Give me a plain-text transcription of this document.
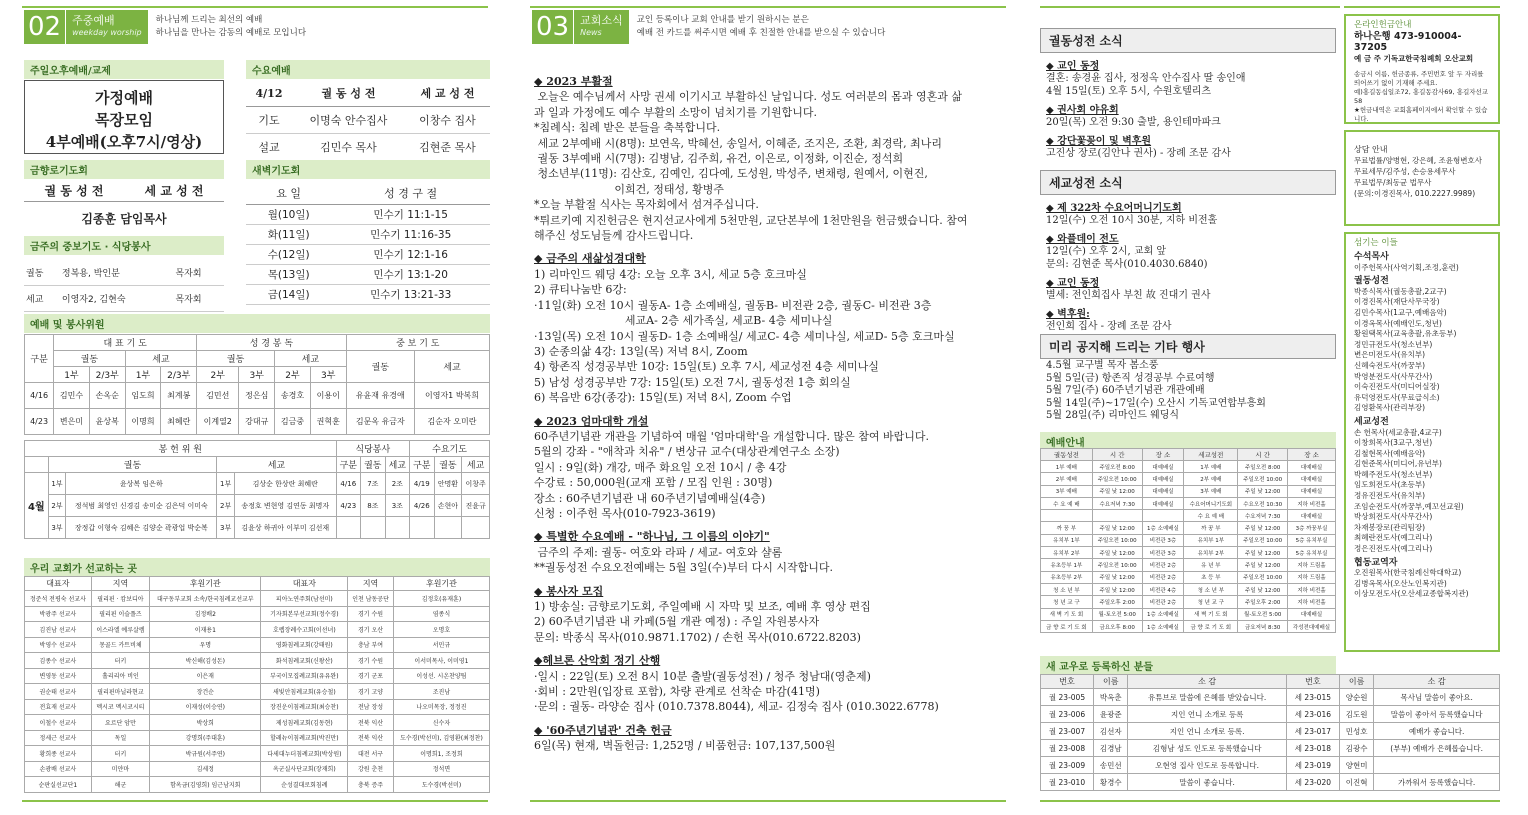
02	주중예배
weekday worship
하나님께 드리는 최선의 예배
하나님을 만나는 감동의 예배로 모입니다
주일오후예배/교제
가정예배
목장모임
4부예배(오후7시/영상)
수요예배
4/12	궐 동 성 전	세 교 성 전
기도	이명숙 안수집사	이창수 집사
설교	김민수 목사	김현준 목사
금향로기도회
궐 동 성 전	세 교 성 전
김종훈 담임목사
새벽기도회
요 일	성 경 구 절
월(10일)	민수기 11:1-15
화(11일)	민수기 11:16-35
수(12일)	민수기 12:1-16
목(13일)	민수기 13:1-20
금(14일)	민수기 13:21-33
금주의 중보기도 · 식당봉사
궐동	정복용, 박인분	목자회
세교	이영자2, 김현숙	목자회
예배 및 봉사위원
구분	대 표 기 도				성 경 봉 독				중 보 기 도	
	궐동		세교		궐동		세교		궐동	세교
	1부	2/3부	1부	2/3부	2부	3부	2부	3부		
4/16	김민수	손옥순	임도희	최계봉	김민선	정은심	송경호	이용이	유윤재 유경애	이영자1 박복희
4/23	변은미	윤상복	이명희	최혜란	이계열2	강대규	김금중	권혁훈	김문옥 유금자	김순자 오미란
봉 헌 위 원					식당봉사			수요기도		
	궐동		세교		구분	궐동	세교	구분	궐동	세교
4월	1부	윤상복 임은하	1부	김상순 한상란 최혜란	4/16	7조	2조	4/19	안명환	이창주
	2부	정석범 최영인 신경김 송미순 김은덕 이미숙	2부	송정호 변현영 김연동 최명자	4/23	8조	3조	4/26	손현아	진윤규
	3부	장정갑 이형숙 김혜은 김양순 곽광업 박순복	3부	김윤상 하귀아 이부미 김선재						
우리 교회가 선교하는 곳
대표자	지역	후원기관	대표자	지역	후원기관
정준석 전평숙 선교사	필리핀 · 캄보디아	대구동부교회 소속/한국침례교선교부	피아노연주회(남선미)	인천 남동공단	김정호(유재훈)
박광주 선교사	필리핀 이슬플즈	김정배2	기자회본부선교회(정수경)	경기 수원	염종식
김진남 선교사	이스라엘 예루살렘	이재용1	호렙장례수고회(이선녀)	경기 오산	오명호
박영수 선교사	몽골드 카트비체	우명	영화침례교회(강태원)	충남 부여	서민규
김종수 선교사	터키	박신해(김성돈)	화석침례교회(신왕산)	경기 수원	이서미목사, 이미영1
변영동 선교사	홀리리아 비인	이은재	부국이모집례교회(유유완)	경기 군포	이성선. 시온찬양팀
권순태 선교사	필리핀마닐라현교	장건순	새빛안침례교회(유승철)	경기 고양	조진남
전효재 선교사	멕시코 멕시코시티	이재성(이승연)	장진운이침례교회(최승찬)	전남 장성	나오미목장, 정정진
이철수 선교사	요르단 암만	박상희	제성침례교회(김동현)	전북 익산	신수자
정세근 선교사	독일	강명희(주대훈)	할레뉴이침례교회(박진만)	전북 익산	도수경(박선미), 김영환(최정찬)
황희종 선교사	터키	박규원(서주연)	다세대누더침례교회(박상원)	대전 서구	이명희1, 조정희
손광배 선교사	미얀마	김세정	옥군실사단교회(장재희)	강원 춘천	정석면
순판실선교단1	해군	함옥금(김영희) 임근남지회	순성결대로회침례	충북 증주	도수경(박선미)
03	교회소식
News
교인 등록이나 교회 안내를 받기 원하시는 분은
예배 전 카드를 써주시면 예배 후 친절한 안내를 받으실 수 있습니다
◆ 2023 부활절
오늘은 예수님께서 사망 권세 이기시고 부활하신 날입니다. 성도 여러분의 몸과 영혼과 삶
과 일과 가정에도 예수 부활의 소망이 넘치기를 기원합니다.
*침례식: 침례 받은 분들을 축복합니다.
세교 2부예배 시(8명): 보연옥, 박혜선, 송일서, 이혜준, 조지은, 조환, 최경락, 최나리
궐동 3부예배 시(7명): 김병남, 김주희, 유건, 이은로, 이정화, 이진순, 정석희
청소년부(11명): 김산호, 김예인, 김다예, 도성원, 박성주, 변채령, 원예서, 이현진,
이희건, 정태성, 황병주
*오늘 부활절 식사는 목자회에서 섬겨주십니다.
*튀르키예 지진헌금은 현지선교사에게 5천만원, 교단본부에 1천만원을 헌금했습니다. 참여
해주신 성도님들께 감사드립니다.
◆ 금주의 새삶성경대학
1) 리마인드 웨딩 4강: 오늘 오후 3시, 세교 5층 호크마실
2) 큐티나눔반 6강:
·11일(화) 오전 10시 궐동A- 1층 소예배실, 궐동B- 비전관 2층, 궐동C- 비전관 3층
세교A- 2층 세가족실, 세교B- 4층 세미나실
·13일(목) 오전 10시 궐동D- 1층 소예배실/ 세교C- 4층 세미나실, 세교D- 5층 호크마실
3) 순종의삶 4강: 13일(목) 저녁 8시, Zoom
4) 항존직 성경공부반 10강: 15일(토) 오후 7시, 세교성전 4층 세미나실
5) 남성 성경공부반 7강: 15일(토) 오전 7시, 궐동성전 1층 회의실
6) 복음반 6강(종강): 15일(토) 저녁 8시, Zoom 수업
◆ 2023 엄마대학 개설
60주년기념관 개관을 기념하여 매월 '엄마대학'을 개설합니다. 많은 참여 바랍니다.
5월의 강좌 - "애착과 치유" / 변상규 교수(대상관계연구소 소장)
일시 : 9일(화) 개강, 매주 화요일 오전 10시 / 총 4강
수강료 : 50,000원(교재 포함 / 모집 인원 : 30명)
장소 : 60주년기념관 내 60주년기념예배실(4층)
신청 : 이주헌 목사(010-7923-3619)
◆ 특별한 수요예배 - "하나님, 그 이름의 이야기"
금주의 주제: 궐동- 여호와 라파 / 세교- 여호와 샬롬
**궐동성전 수요오전예배는 5월 3일(수)부터 다시 시작합니다.
◆ 봉사자 모집
1) 방송실: 금향로기도회, 주일예배 시 자막 및 보조, 예배 후 영상 편집
2) 60주년기념관 내 카페(5월 개관 예정) : 주일 자원봉사자
문의: 박종식 목사(010.9871.1702) / 손헌 목사(010.6722.8203)
◆헤브론 산악회 정기 산행
·일시 : 22일(토) 오전 8시 10분 출발(궐동성전) / 청주 청남대(영춘제)
·회비 : 2만원(입장료 포함), 차량 관계로 선착순 마감(41명)
·문의 : 궐동- 라양순 집사 (010.7378.8044), 세교- 김정숙 집사 (010.3022.6778)
◆ '60주년기념관' 건축 헌금
6일(목) 현재, 벽돌헌금: 1,252명 / 비품헌금: 107,137,500원
궐동성전 소식
◆ 교인 동정
결혼: 송경윤 집사, 정정옥 안수집사 딸 송인애
4월 15일(토) 오후 5시, 수원호텔리츠
◆ 권사회 야유회
20일(목) 오전 9:30 출발, 용인테마파크
◆ 강단꽃꽂이 및 벽후원
고진상 장로(김안나 권사) - 장례 조문 감사
세교성전 소식
◆ 제 322차 수요어머니기도회
12일(수) 오전 10시 30분, 지하 비전홀
◆ 와플데이 전도
12일(수) 오후 2시, 교회 앞
문의: 김현준 목사(010.4030.6840)
◆ 교인 동정
별세: 전인희집사 부친 故 진대기 권사
◆ 벽후원:
전인희 집사 - 장례 조문 감사
미리 공지해 드리는 기타 행사
4.5월 교구별 목자 봄소풍
5월 5일(금) 항존직 성경공부 수료여행
5월 7일(주) 60주년기념관 개관예배
5월 14일(주)~17일(수) 오산시 기독교연합부흥회
5월 28일(주) 리마인드 웨딩식
예배안내
궐동성전	시 간	장 소	세교성전	시 간	장 소
1부 예배	주일오전 8:00	대예배실	1부 예배	주일오전 8:00	대예배실
2부 예배	주일오전 10:00	대예배실	2부 예배	주일오전 10:00	대예배실
3부 예배	주일 낮 12:00	대예배실	3부 예배	주일 낮 12:00	대예배실
수 요 예 배	수요저녁 7:30	대예배실	수요어머니기도회	수요오전 10:30	지하 비전홀
			수 요 예 배	수요저녁 7:30	대예배실
까 꿍 부	주일 낮 12:00	1층 소예배실	까 꿍 부	주일 낮 12:00	3층 까꿍부실
유치부 1부	주일오전 10:00	비전관 3층	유치부 1부	주일오전 10:00	5층 유치부실
유치부 2부	주일 낮 12:00	비전관 3층	유치부 2부	주일 낮 12:00	5층 유치부실
유초등부 1부	주일오전 10:00	비전관 2층	유 년 부	주일 낮 12:00	지하 드림홀
유초등부 2부	주일 낮 12:00	비전관 2층	초 등 부	주일오전 10:00	지하 드림홀
청 소 년 부	주일 낮 12:00	비전관 4층	청 소 년 부	주일 낮 12:00	지하 비전홀
청 년 교 구	주일오후 2:00	비전관 2층	청 년 교 구	주일오후 2:00	지하 비전홀
새 벽 기 도 회	월-토오전 5:00	1층 소예배실	새 벽 기 도 회	월-토오전 5:00	대예배실
금 향 로 기 도 회	금요오후 8:00	1층 소예배실	금 향 로 기 도 회	금요저녁 8:30	각성전대예배실
새 교우로 등록하신 분들
번호	이름	소 감	번호	이름	소 감
궐 23-005	박옥춘	유튜브로 말씀에 은혜를 받았습니다.	세 23-015	양순원	목사님 말씀이 좋아요.
궐 23-006	윤광준	지인 언니 소개로 등록	세 23-016	김도원	말씀이 좋아서 등록했습니다
궐 23-007	김선자	지인 언니 소개로 등록.	세 23-017	민성호	예배가 좋습니다.
궐 23-008	김경남	김형남 성도 인도로 등록했습니다	세 23-018	김광수	(부부) 예배가 은혜롭습니다.
궐 23-009	송민선	오현영 집사 인도로 등록합니다.	세 23-019	양현미	
궐 23-010	황경수	말씀이 좋습니다.	세 23-020	이진혁	가까워서 등록했습니다.
온라인헌금안내
하나은행 473-910004-37205
예 금 주 기독교한국침례회 오산교회
송금시 이름, 헌금종류, 주민번호 앞 두 자리를
띄어쓰기 없이 기재해 주세요.
예)홍길동십일조72, 홍길동감사69, 홍길자선교58
★헌금내역은 교회홈페이지에서 확인할 수 있습니다.
상담 안내
무료법률/양병현, 강은혜, 조윤형변호사
무료세무/김주성, 손승용세무사
무료법무/최동균 법무사
(문의:이경진목사, 010.2227.9989)
섬기는 이들
수석목사
이주헌목사(사역기획,조정,훈련)
궐동성전
박종식목사(궐동총괄,2교구)
이경진목사(재단사무국장)
김민수목사(1교구,예배음악)
이경옥목사(예배인도,청년)
황원택목사(교육총괄,유초등부)
정민규전도사(청소년부)
변은미전도사(유치부)
신혜숙전도사(까꿍부)
박영분전도사(사무간사)
이숙진전도사(미디어실장)
유덕영전도사(무료급식소)
김영환목사(관리부장)
세교성전
손 헌목사(세교총괄,4교구)
이창희목사(3교구,청년)
김철현목사(예배음악)
김현준목사(미디어,유년부)
박혜주전도사(청소년부)
임도희전도사(초등부)
정유진전도사(유치부)
조임순전도사(까꿍부,예꼬선교원)
박상희전도사(사무간사)
차재봉장로(관리팀장)
최혜란전도사(예그리나)
정은진전도사(예그리나)
협동교역자
오진원목사(한국침례신학대학교)
김병옥목사(오산노인복지관)
이상모전도사(오산세교종합복지관)
